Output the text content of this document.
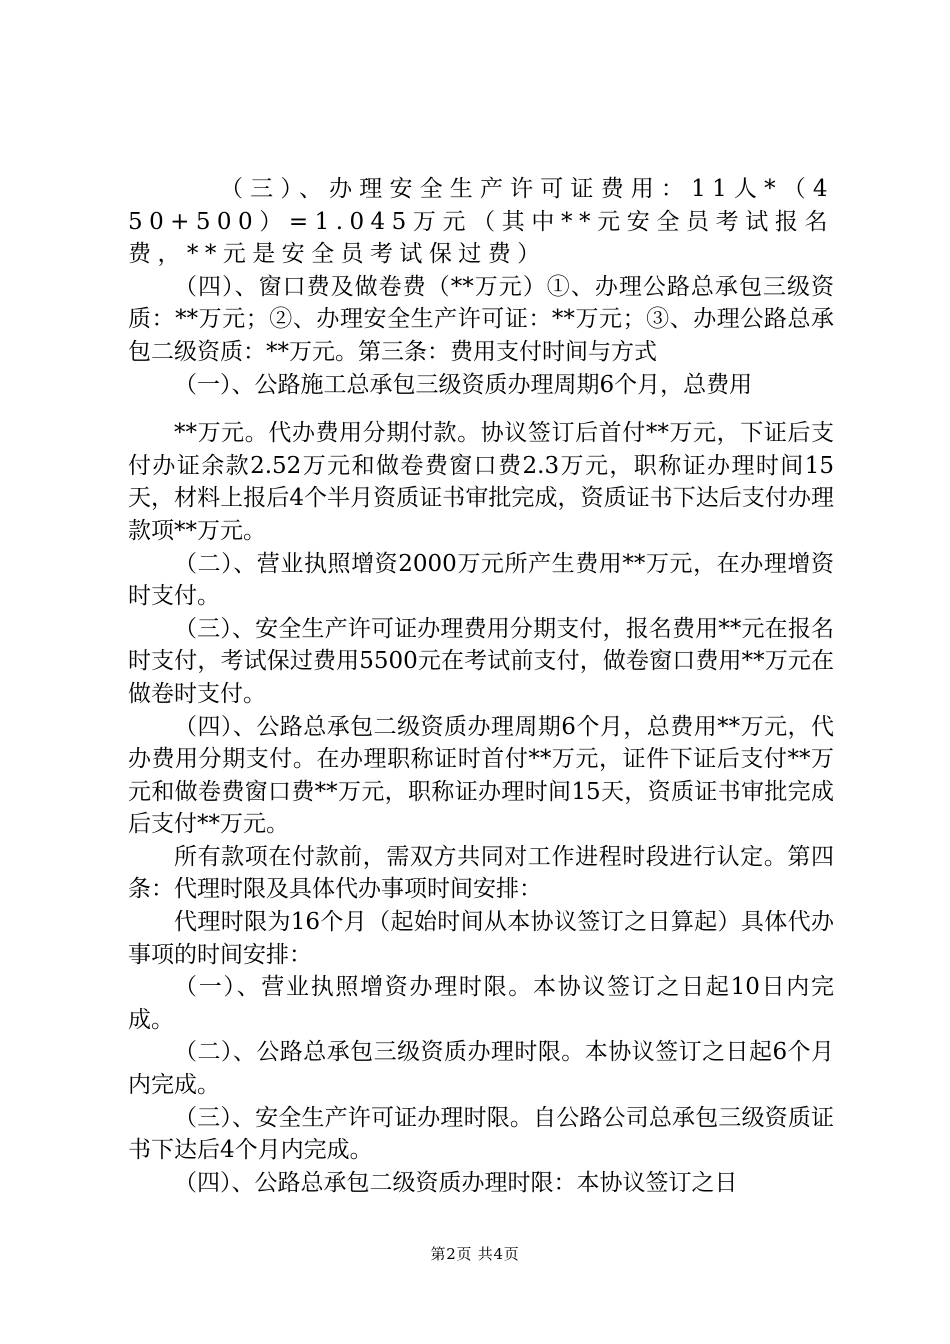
（三）、办理安全生产许可证费用：11人*（450+500）=1.045万元（其中**元安全员考试报名费，**元是安全员考试保过费）

（四）、窗口费及做卷费（**万元）①、办理公路总承包三级资质：**万元；②、办理安全生产许可证：**万元；③、办理公路总承包二级资质：**万元。第三条：费用支付时间与方式

（一）、公路施工总承包三级资质办理周期6个月，总费用

**万元。代办费用分期付款。协议签订后首付**万元，下证后支付办证余款2.52万元和做卷费窗口费2.3万元，职称证办理时间15天，材料上报后4个半月资质证书审批完成，资质证书下达后支付办理款项**万元。

（二）、营业执照增资2000万元所产生费用**万元，在办理增资时支付。

（三）、安全生产许可证办理费用分期支付，报名费用**元在报名时支付，考试保过费用5500元在考试前支付，做卷窗口费用**万元在做卷时支付。

（四）、公路总承包二级资质办理周期6个月，总费用**万元，代办费用分期支付。在办理职称证时首付**万元，证件下证后支付**万元和做卷费窗口费**万元，职称证办理时间15天，资质证书审批完成后支付**万元。

所有款项在付款前，需双方共同对工作进程时段进行认定。第四条：代理时限及具体代办事项时间安排：

代理时限为16个月（起始时间从本协议签订之日算起）具体代办事项的时间安排：

（一）、营业执照增资办理时限。本协议签订之日起10日内完成。

（二）、公路总承包三级资质办理时限。本协议签订之日起6个月内完成。

（三）、安全生产许可证办理时限。自公路公司总承包三级资质证书下达后4个月内完成。

（四）、公路总承包二级资质办理时限：本协议签订之日

第2页 共4页
